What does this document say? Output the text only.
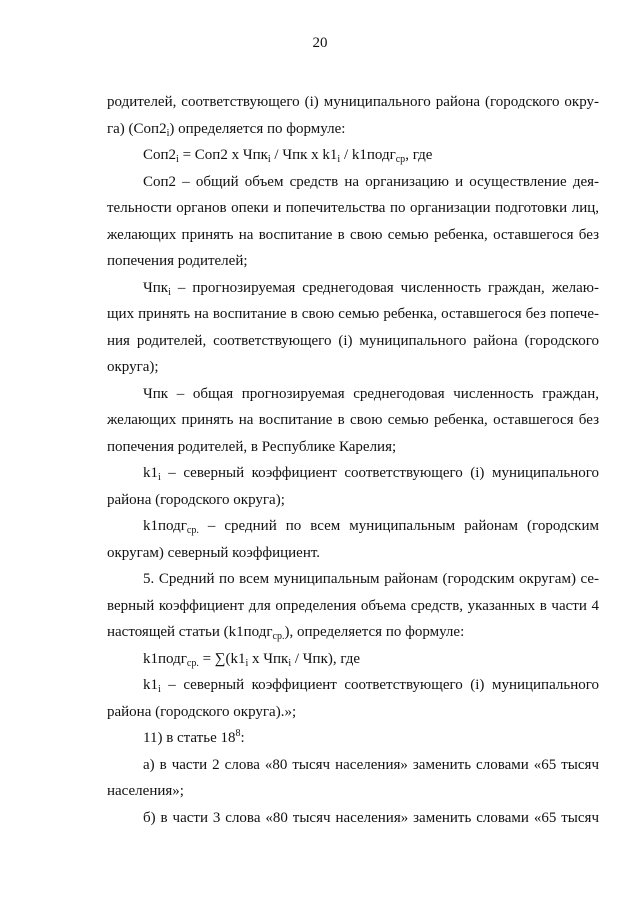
20
родителей, соответствующего (i) муниципального района (городского окру-
га) $(Соп2_i)$ определяется по формуле:
$Соп2_i = Соп2$ х Чпк$_i$ / Чпк х $k1_i$ / k1подг$_{ср}$, где
Соп2 – общий объем средств на организацию и осуществление дея-
тельности органов опеки и попечительства по организации подготовки лиц,
желающих принять на воспитание в свою семью ребенка, оставшегося без
попечения родителей;
Чпк$_i$ – прогнозируемая среднегодовая численность граждан, желаю-
щих принять на воспитание в свою семью ребенка, оставшегося без попече-
ния родителей, соответствующего (i) муниципального района (городского
округа);
Чпк – общая прогнозируемая среднегодовая численность граждан,
желающих принять на воспитание в свою семью ребенка, оставшегося без
попечения родителей, в Республике Карелия;
$k1_i$ – северный коэффициент соответствующего (i) муниципального
района (городского округа);
k1подг$_{ср.}$ – средний по всем муниципальным районам (городским
округам) северный коэффициент.
5. Средний по всем муниципальным районам (городским округам) се-
верный коэффициент для определения объема средств, указанных в части 4
настоящей статьи (k1подг$_{ср.}$), определяется по формуле:
k1подг$_{ср.}$ = $\sum(k1_i$ х Чпк$_i$ / Чпк), где
$k1_i$ – северный коэффициент соответствующего (i) муниципального
района (городского округа).»;
11) в статье $18^8$:
а) в части 2 слова «80 тысяч населения» заменить словами «65 тысяч
населения»;
б) в части 3 слова «80 тысяч населения» заменить словами «65 тысяч
